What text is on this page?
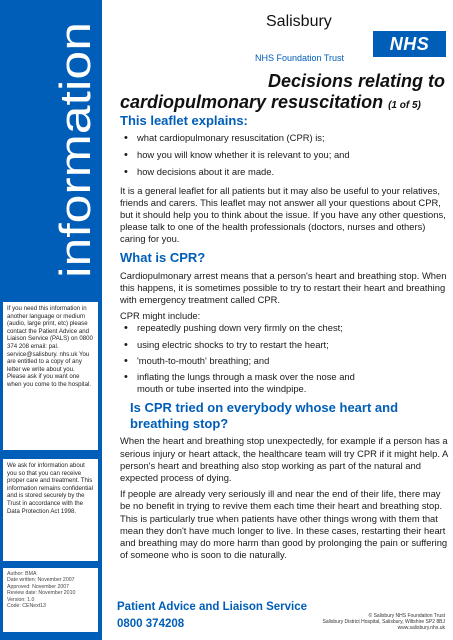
information

If you need this information in another language or medium (audio, large print, etc) please contact the Patient Advice and Liaison Service (PALS) on 0800 374 208 email: pal. service@salisbury. nhs.uk You are entitled to a copy of any letter we write about you. Please ask if you want one when you come to the hospital.

We ask for information about you so that you can receive proper care and treatment. This information remains confidential and is stored securely by the Trust in accordance with the Data Protection Act 1998.

Author: BMA

Date written: November 2007

Approved: November 2007

Review date: November 2010

Version: 1.0

Code: CENext13

Salisbury
NHS
NHS Foundation Trust
Decisions relating to
cardiopulmonary resuscitation (1 of 5)
This leaflet explains:
• what cardiopulmonary resuscitation (CPR) is;
• how you will know whether it is relevant to you; and
• how decisions about it are made.

It is a general leaflet for all patients but it may also be useful to your relatives, friends and carers. This leaflet may not answer all your questions about CPR, but it should help you to think about the issue. If you have any other questions, please talk to one of the health professionals (doctors, nurses and others) caring for you.

What is CPR?

Cardiopulmonary arrest means that a person's heart and breathing stop. When this happens, it is sometimes possible to try to restart their heart and breathing with emergency treatment called CPR.

CPR might include:

• repeatedly pushing down very firmly on the chest;
• using electric shocks to try to restart the heart;
• 'mouth-to-mouth' breathing; and
• inflating the lungs through a mask over the nose and mouth or tube inserted into the windpipe.
Is CPR tried on everybody whose heart and breathing stop?

When the heart and breathing stop unexpectedly, for example if a person has a serious injury or heart attack, the healthcare team will try CPR if it might help. A person's heart and breathing also stop working as part of the natural and expected process of dying.

If people are already very seriously ill and near the end of their life, there may be no benefit in trying to revive them each time their heart and breathing stop. This is particularly true when patients have other things wrong with them that mean they don't have much longer to live. In these cases, restarting their heart and breathing may do more harm than good by prolonging the pain or suffering of someone who is soon to die naturally.

Patient Advice and Liaison Service
0800 374208
© Salisbury NHS Foundation Trust
Salisbury District Hospital, Salisbury, Wiltshire SP2 8BJ
www.salisbury.nhs.uk
